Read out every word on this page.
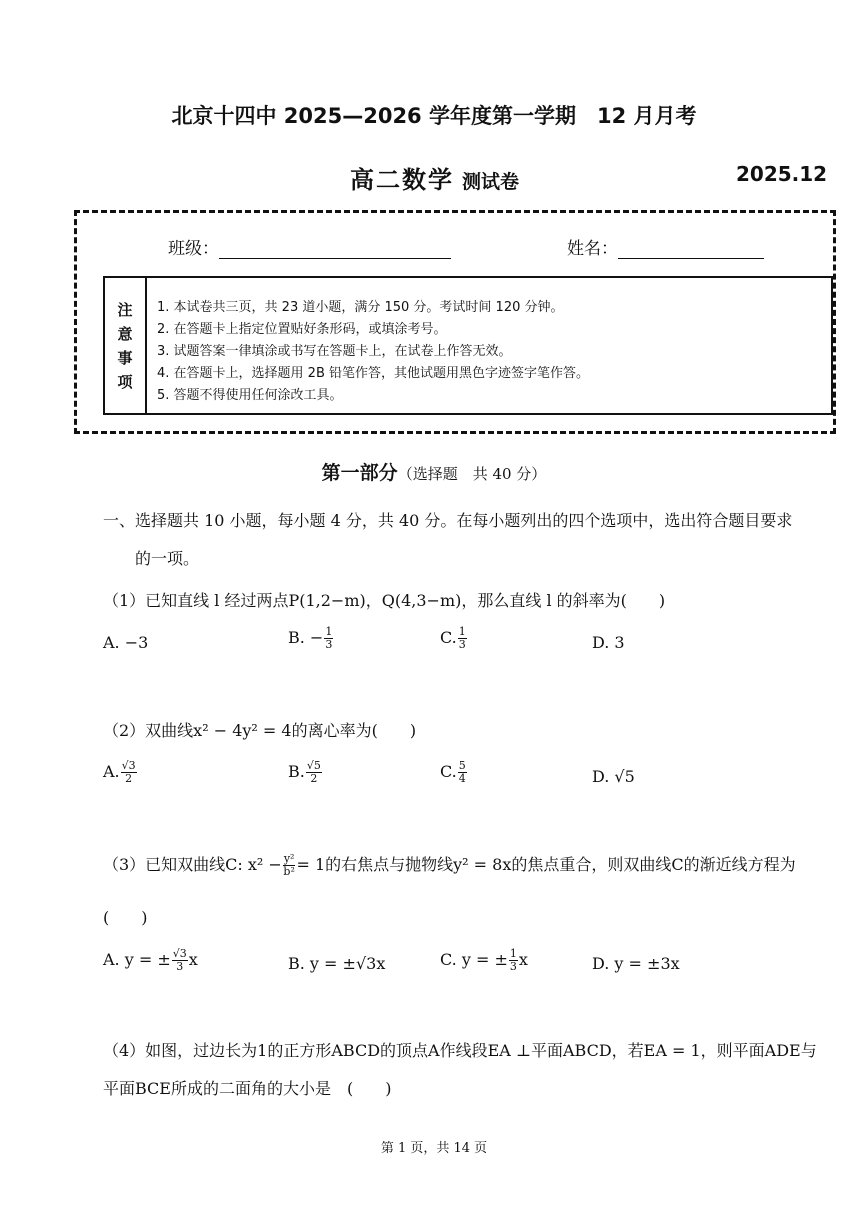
北京十四中 2025—2026 学年度第一学期　12 月月考
高二数学 测试卷	2025.12
班级：	姓名：
注
意
事
项
1. 本试卷共三页，共 23 道小题，满分 150 分。考试时间 120 分钟。
2. 在答题卡上指定位置贴好条形码，或填涂考号。
3. 试题答案一律填涂或书写在答题卡上，在试卷上作答无效。
4. 在答题卡上，选择题用 2B 铅笔作答，其他试题用黑色字迹签字笔作答。
5. 答题不得使用任何涂改工具。
第一部分（选择题　共 40 分）
一、选择题共 10 小题，每小题 4 分，共 40 分。在每小题列出的四个选项中，选出符合题目要求
的一项。
（1）已知直线 l 经过两点P(1,2−m)，Q(4,3−m)，那么直线 l 的斜率为(　　)
A. −3	B. − $\frac{1}{3}$	C. $\frac{1}{3}$	D. 3
（2）双曲线x² − 4y² = 4的离心率为(　　)
A. $\frac{√3}{2}$	B. $\frac{√5}{2}$	C. $\frac{5}{4}$	D. √5
（3）已知双曲线C: $x^2 - \frac{\text{y²}}{\text{b²}} = 1$的右焦点与抛物线y² = 8x的焦点重合，则双曲线C的渐近线方程为
(　　)
A. y = ± $\frac{√3}{3}$ x	B. y = ±√3x	C. y = ± $\frac{1}{3}$ x	D. y = ±3x
（4）如图，过边长为1的正方形ABCD的顶点A作线段EA ⊥平面ABCD，若EA = 1，则平面ADE与
平面BCE所成的二面角的大小是　(　　)
第 1 页，共 14 页
